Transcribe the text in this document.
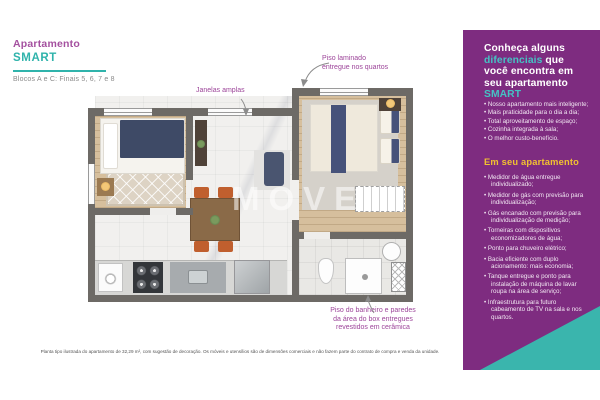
Apartamento
SMART
Blocos A e C: Finais 5, 6, 7 e 8
Janelas amplas
Piso laminado
entregue nos quartos
Piso do banheiro e paredes
da área do box entregues
revestidos em cerâmica
MOVE
Planta tipo ilustrada do apartamento de 32,29 m², com sugestão de decoração. Os móveis e utensílios são de dimensões comerciais e não fazem parte do contrato de compra e venda da unidade.

Conheça alguns diferenciais que você encontra em seu apartamento SMART

• Nosso apartamento mais inteligente;
• Mais praticidade para o dia a dia;
• Total aproveitamento de espaço;
• Cozinha integrada à sala;
• O melhor custo-benefício.
Em seu apartamento
• Medidor de água entregue individualizado;
• Medidor de gás com previsão para individualização;
• Gás encanado com previsão para individualização de medição;
• Torneiras com dispositivos economizadores de água;
• Ponto para chuveiro elétrico;
• Bacia eficiente com duplo acionamento: mais economia;
• Tanque entregue e ponto para instalação de máquina de lavar roupa na área de serviço;
• Infraestrutura para futuro cabeamento de TV na sala e nos quartos.
